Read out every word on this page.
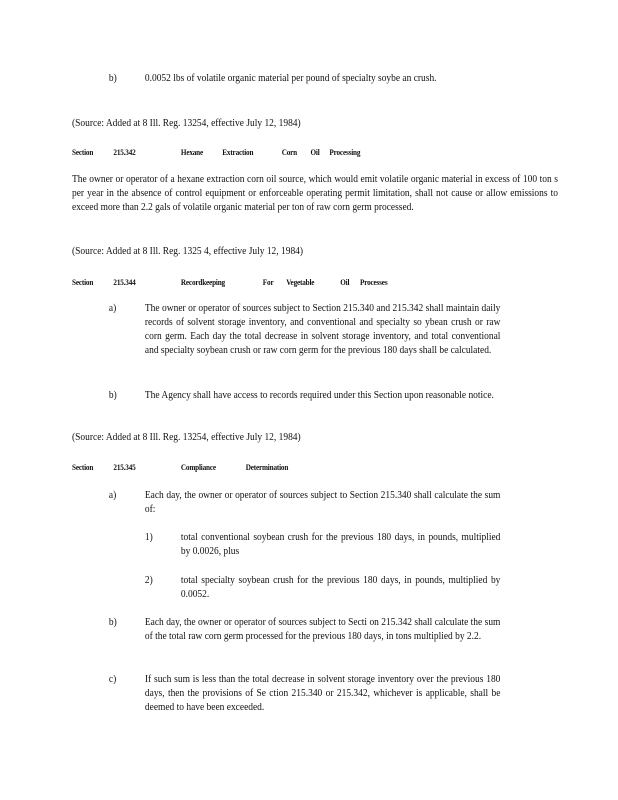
b)	0.0052 lbs of volatile organic material per pound of specialty soybe an crush.
(Source: Added at 8 Ill. Reg. 13254, effective July 12, 1984)
Section	215.342	Hexane Extraction	Corn Oil Processing
The owner or operator of a hexane extraction corn oil source, which would emit volatile organic material in excess of 100 ton s per year in the absence of control equipment or enforceable operating permit limitation, shall not cause or allow emissions to exceed more than 2.2 gals of volatile organic material per ton of raw corn germ processed.
(Source: Added at 8 Ill. Reg. 1325 4, effective July 12, 1984)
Section	215.344	Recordkeeping	For Vegetable	Oil Processes
a)	The owner or operator of sources subject to Section 215.340 and 215.342 shall maintain daily records of solvent storage inventory, and conventional and specialty so ybean crush or raw corn germ. Each day the total decrease in solvent storage inventory, and total conventional and specialty soybean crush or raw corn germ for the previous 180 days shall be calculated.
b)	The Agency shall have access to records required under this Section upon reasonable notice.
(Source: Added at 8 Ill. Reg. 13254, effective July 12, 1984)
Section	215.345	Compliance	Determination
a)	Each day, the owner or operator of sources subject to Section 215.340 shall calculate the sum of:
1)	total conventional soybean crush for the previous 180 days, in pounds, multiplied by 0.0026, plus
2)	total specialty soybean crush for the previous 180 days, in pounds, multiplied by 0.0052.
b)	Each day, the owner or operator of sources subject to Secti on 215.342 shall calculate the sum of the total raw corn germ processed for the previous 180 days, in tons multiplied by 2.2.
c)	If such sum is less than the total decrease in solvent storage inventory over the previous 180 days, then the provisions of Se ction 215.340 or 215.342, whichever is applicable, shall be deemed to have been exceeded.
